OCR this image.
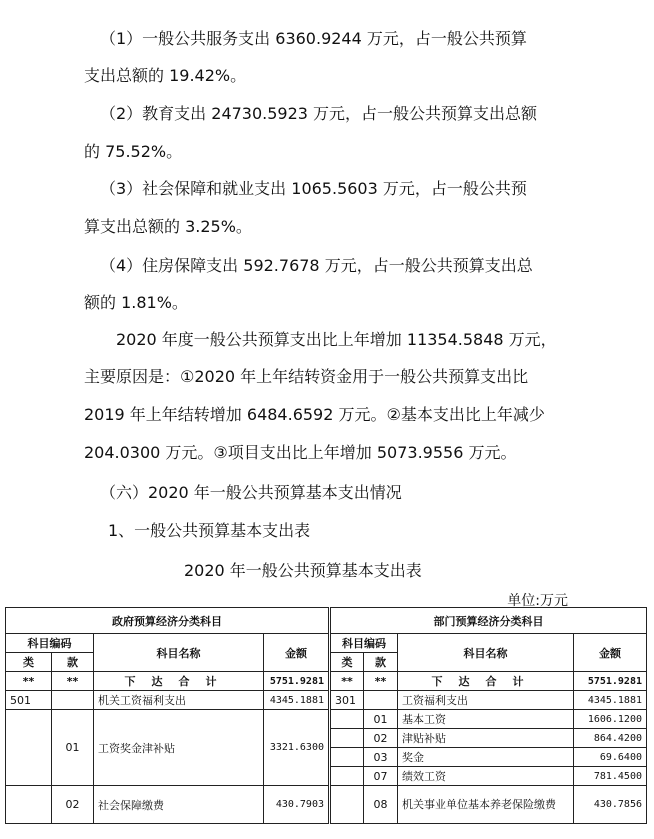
（1）一般公共服务支出 6360.9244 万元，占一般公共预算
支出总额的 19.42%。
（2）教育支出 24730.5923 万元，占一般公共预算支出总额
的 75.52%。
（3）社会保障和就业支出 1065.5603 万元，占一般公共预
算支出总额的 3.25%。
（4）住房保障支出 592.7678 万元，占一般公共预算支出总
额的 1.81%。
2020 年度一般公共预算支出比上年增加 11354.5848 万元，
主要原因是：①2020 年上年结转资金用于一般公共预算支出比
2019 年上年结转增加 6484.6592 万元。②基本支出比上年减少
204.0300 万元。③项目支出比上年增加 5073.9556 万元。
（六）2020 年一般公共预算基本支出情况
1、一般公共预算基本支出表
2020 年一般公共预算基本支出表
单位:万元
政府预算经济分类科目				部门预算经济分类科目			
科目编码		科目名称	金额	科目编码		科目名称	金额
类	款			类	款		
**	**	下达合计	5751.9281	**	**	下达合计	5751.9281
501		机关工资福利支出	4345.1881	301		工资福利支出	4345.1881
	01	工资奖金津补贴	3321.6300		01	基本工资	1606.1200
					02	津贴补贴	864.4200
					03	奖金	69.6400
					07	绩效工资	781.4500
	02	社会保障缴费	430.7903		08	机关事业单位基本养老保险缴费	430.7856
